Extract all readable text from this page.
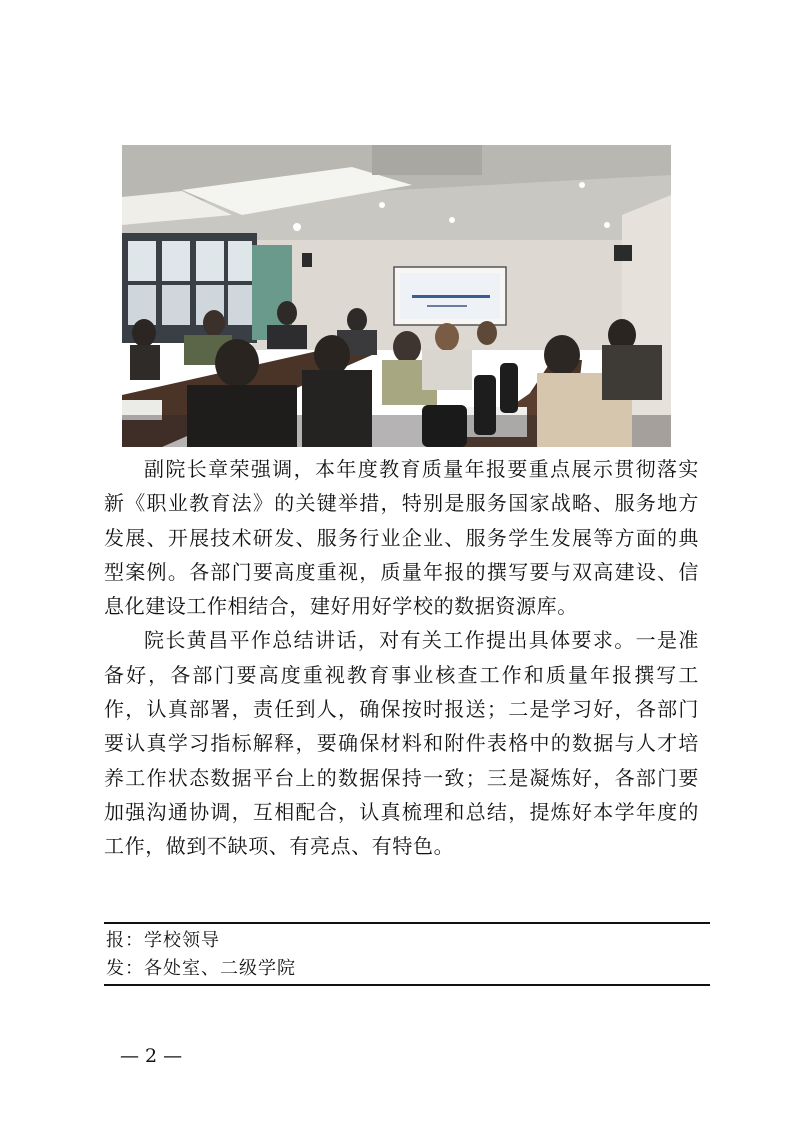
副院长章荣强调，本年度教育质量年报要重点展示贯彻落实新《职业教育法》的关键举措，特别是服务国家战略、服务地方发展、开展技术研发、服务行业企业、服务学生发展等方面的典型案例。各部门要高度重视，质量年报的撰写要与双高建设、信息化建设工作相结合，建好用好学校的数据资源库。

院长黄昌平作总结讲话，对有关工作提出具体要求。一是准备好，各部门要高度重视教育事业核查工作和质量年报撰写工作，认真部署，责任到人，确保按时报送；二是学习好，各部门要认真学习指标解释，要确保材料和附件表格中的数据与人才培养工作状态数据平台上的数据保持一致；三是凝炼好，各部门要加强沟通协调，互相配合，认真梳理和总结，提炼好本学年度的工作，做到不缺项、有亮点、有特色。

报：学校领导
发：各处室、二级学院
— 2 —
